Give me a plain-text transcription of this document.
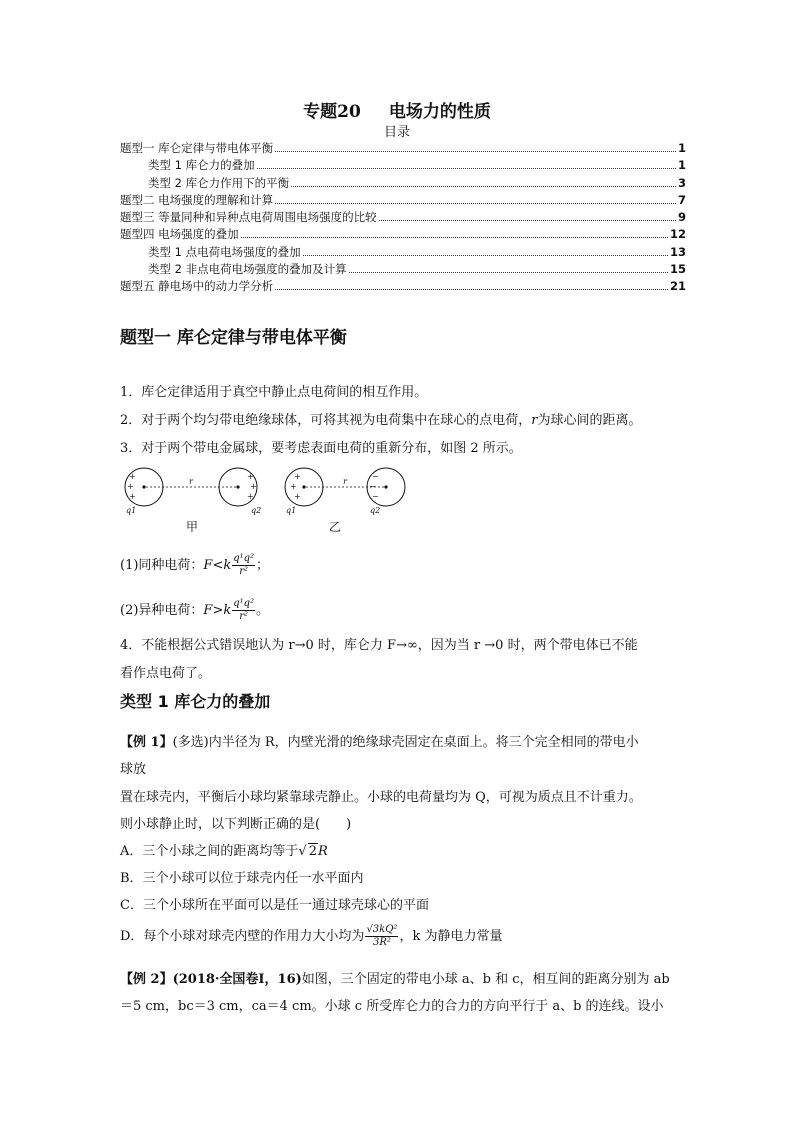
专题20 电场力的性质
目录
题型一 库仑定律与带电体平衡	1
类型 1 库仑力的叠加	1
类型 2 库仑力作用下的平衡	3
题型二 电场强度的理解和计算	7
题型三 等量同种和异种点电荷周围电场强度的比较	9
题型四 电场强度的叠加	12
类型 1 点电荷电场强度的叠加	13
类型 2 非点电荷电场强度的叠加及计算	15
题型五 静电场中的动力学分析	21
题型一 库仑定律与带电体平衡
1．库仑定律适用于真空中静止点电荷间的相互作用。
2．对于两个均匀带电绝缘球体，可将其视为电荷集中在球心的点电荷，r为球心间的距离。
3．对于两个带电金属球，要考虑表面电荷的重新分布，如图 2 所示。
r
+
+
+
+
+
+
q1	q2
r
+
+
+
−
−
−
q1	q2
甲	乙
(1)同种电荷：$F<k \frac{\text{q¹q²}}{\text{r²}}$ ；
(2)异种电荷：$F>k \frac{\text{q¹q²}}{\text{r²}}$ 。
4．不能根据公式错误地认为 r→0 时，库仑力 F→∞，因为当 r →0 时，两个带电体已不能
看作点电荷了。
类型 1 库仑力的叠加
【例 1】(多选)内半径为 R，内壁光滑的绝缘球壳固定在桌面上。将三个完全相同的带电小
球放
置在球壳内，平衡后小球均紧靠球壳静止。小球的电荷量均为 Q，可视为质点且不计重力。
则小球静止时，以下判断正确的是(　　)
A．三个小球之间的距离均等于√ 2R
B．三个小球可以位于球壳内任一水平面内
C．三个小球所在平面可以是任一通过球壳球心的平面
D．每个小球对球壳内壁的作用力大小均为 $\frac{\text{√3kQ²}}{\text{3R²}}$ ，k 为静电力常量
【例 2】(2018·全国卷Ⅰ，16)如图，三个固定的带电小球 a、b 和 c，相互间的距离分别为 ab
＝5 cm，bc＝3 cm，ca＝4 cm。小球 c 所受库仑力的合力的方向平行于 a、b 的连线。设小
